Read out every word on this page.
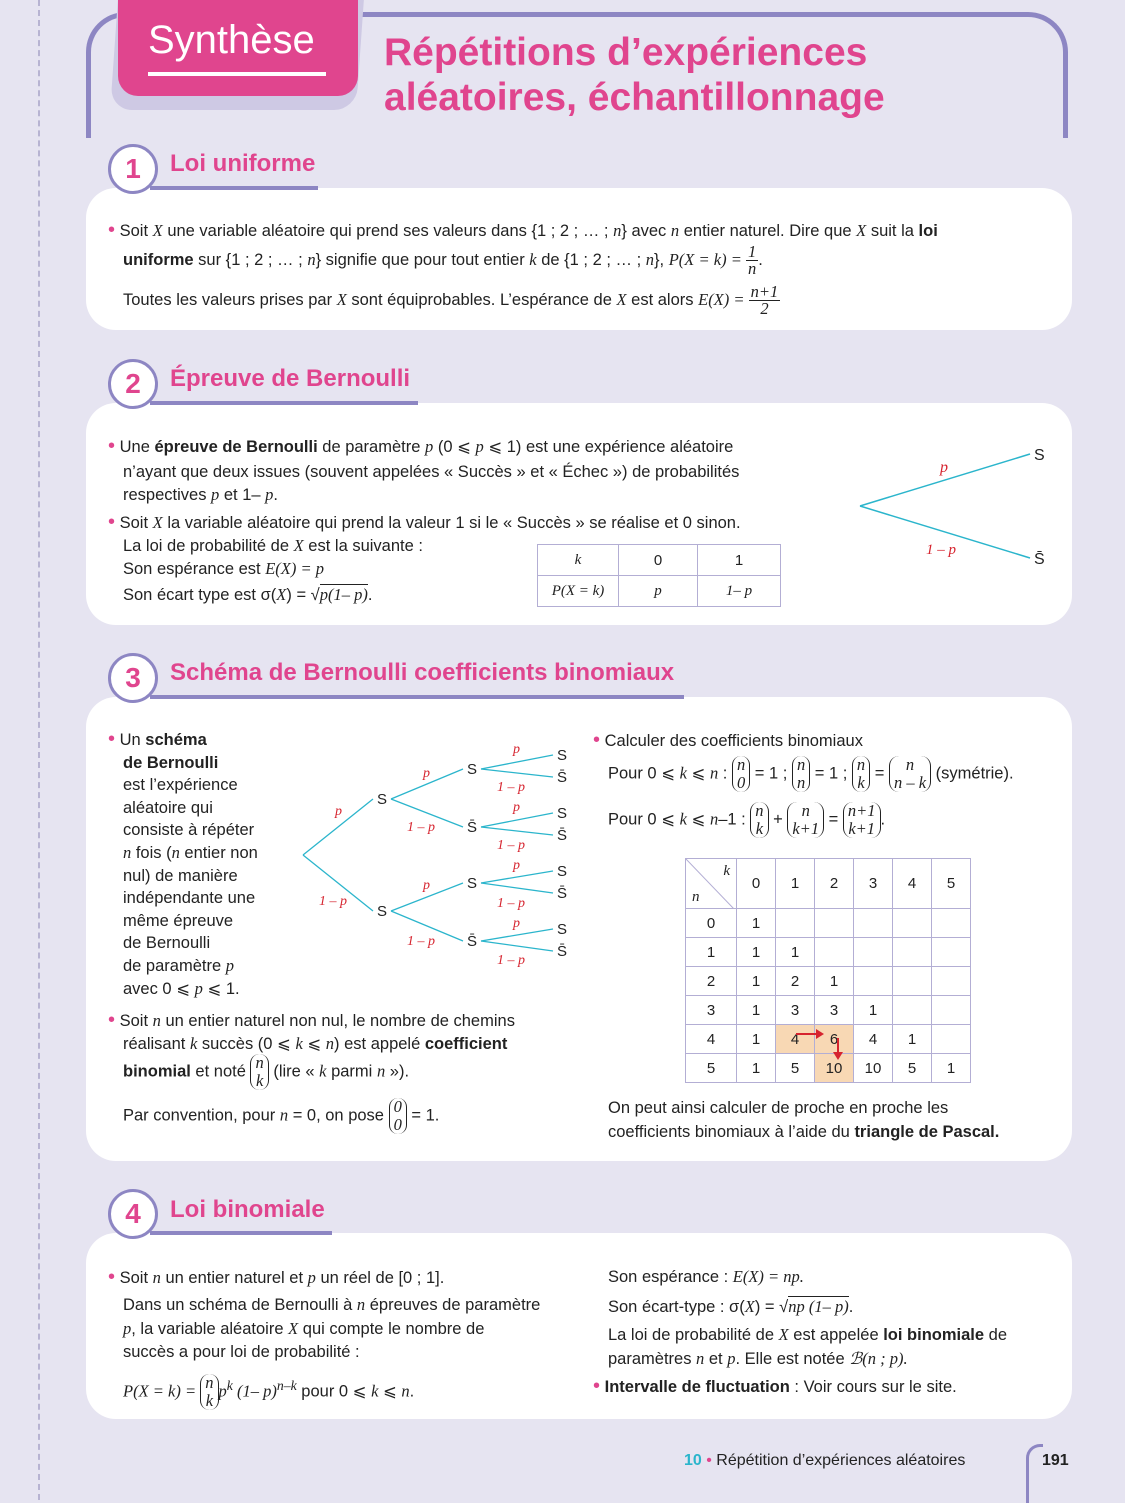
Synthèse Répétitions d’expériences
aléatoires, échantillonnage
1	Loi uniforme
• Soit X une variable aléatoire qui prend ses valeurs dans {1 ; 2 ; … ; n} avec n entier naturel. Dire que X suit la loi
uniforme sur {1 ; 2 ; … ; n} signifie que pour tout entier k de {1 ; 2 ; … ; n}, $P(X = k) = \frac{1}{n}$ .
Toutes les valeurs prises par X sont équiprobables. L’espérance de X est alors $E(X) = \frac{n+1}{2}$
2	Épreuve de Bernoulli
• Une épreuve de Bernoulli de paramètre p (0 ⩽ p ⩽ 1) est une expérience aléatoire
n’ayant que deux issues (souvent appelées « Succès » et « Échec ») de probabilités
respectives p et 1– p.
• Soit X la variable aléatoire qui prend la valeur 1 si le « Succès » se réalise et 0 sinon.
La loi de probabilité de X est la suivante :
Son espérance est E(X) = p
Son écart type est σ(X) = √p(1– p).
k	0	1
P(X = k)	p	1– p
p
1 – p
S
S̄
3	Schéma de Bernoulli coefficients binomiaux
• Un schéma
de Bernoulli
est l’expérience
aléatoire qui
consiste à répéter
n fois (n entier non
nul) de manière
indépendante une
même épreuve
de Bernoulli
de paramètre p
avec 0 ⩽ p ⩽ 1.
S
S
S
S̄
S
S̄
S
S̄
S
S̄
S
S̄
S
S̄
p
1 – p
p
1 – p
p
1 – p
p
1 – p
p
1 – p
p
1 – p
p
1 – p
• Soit n un entier naturel non nul, le nombre de chemins
réalisant k succès (0 ⩽ k ⩽ n) est appelé coefficient
binomial et noté n
k (lire « k parmi n »).
Par convention, pour n = 0, on pose 0
0 = 1.
• Calculer des coefficients binomiaux
Pour 0 ⩽ k ⩽ n : n
0 = 1 ; n
n = 1 ; n
k =	n
n – k (symétrie).
Pour 0 ⩽ k ⩽ n–1 : n
k + n
k+1 = n+1
k+1 .
k
n	0	1	2	3	4	5
0	1					
1	1	1				
2	1	2	1			
3	1	3	3	1		
4	1	4	6	4	1	
5	1	5	10	10	5	1
On peut ainsi calculer de proche en proche les
coefficients binomiaux à l’aide du triangle de Pascal.
4	Loi binomiale
• Soit n un entier naturel et p un réel de [0 ; 1].
Dans un schéma de Bernoulli à n épreuves de paramètre
p, la variable aléatoire X qui compte le nombre de
succès a pour loi de probabilité :
P(X = k) = n
k
$p^k$ (1– p)$^{n-k}$ pour 0 ⩽ k ⩽ n.
Son espérance : E(X) = np.
Son écart-type : σ(X) = √np (1– p).
La loi de probabilité de X est appelée loi binomiale de
paramètres n et p. Elle est notée ℬ(n ; p).
• Intervalle de fluctuation : Voir cours sur le site.
10 • Répétition d’expériences aléatoires	191
